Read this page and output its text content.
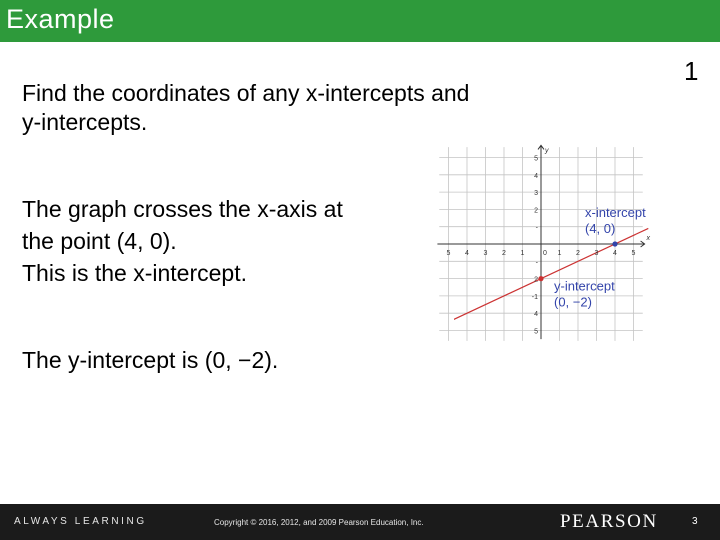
Example
1
Find the coordinates of any x-intercepts and
y-intercepts.
The graph crosses the x-axis at
the point (4, 0).
This is the x-intercept.
The y-intercept is (0, −2).
x
y
5 4 3 2 1	0 1 2 3 4 5
5
4
3
2
-
-
2
-1
4
5
x-intercept
(4, 0)
y-intercept
(0, −2)
ALWAYS LEARNING	Copyright © 2016, 2012, and 2009 Pearson Education, Inc.	PEARSON	3
